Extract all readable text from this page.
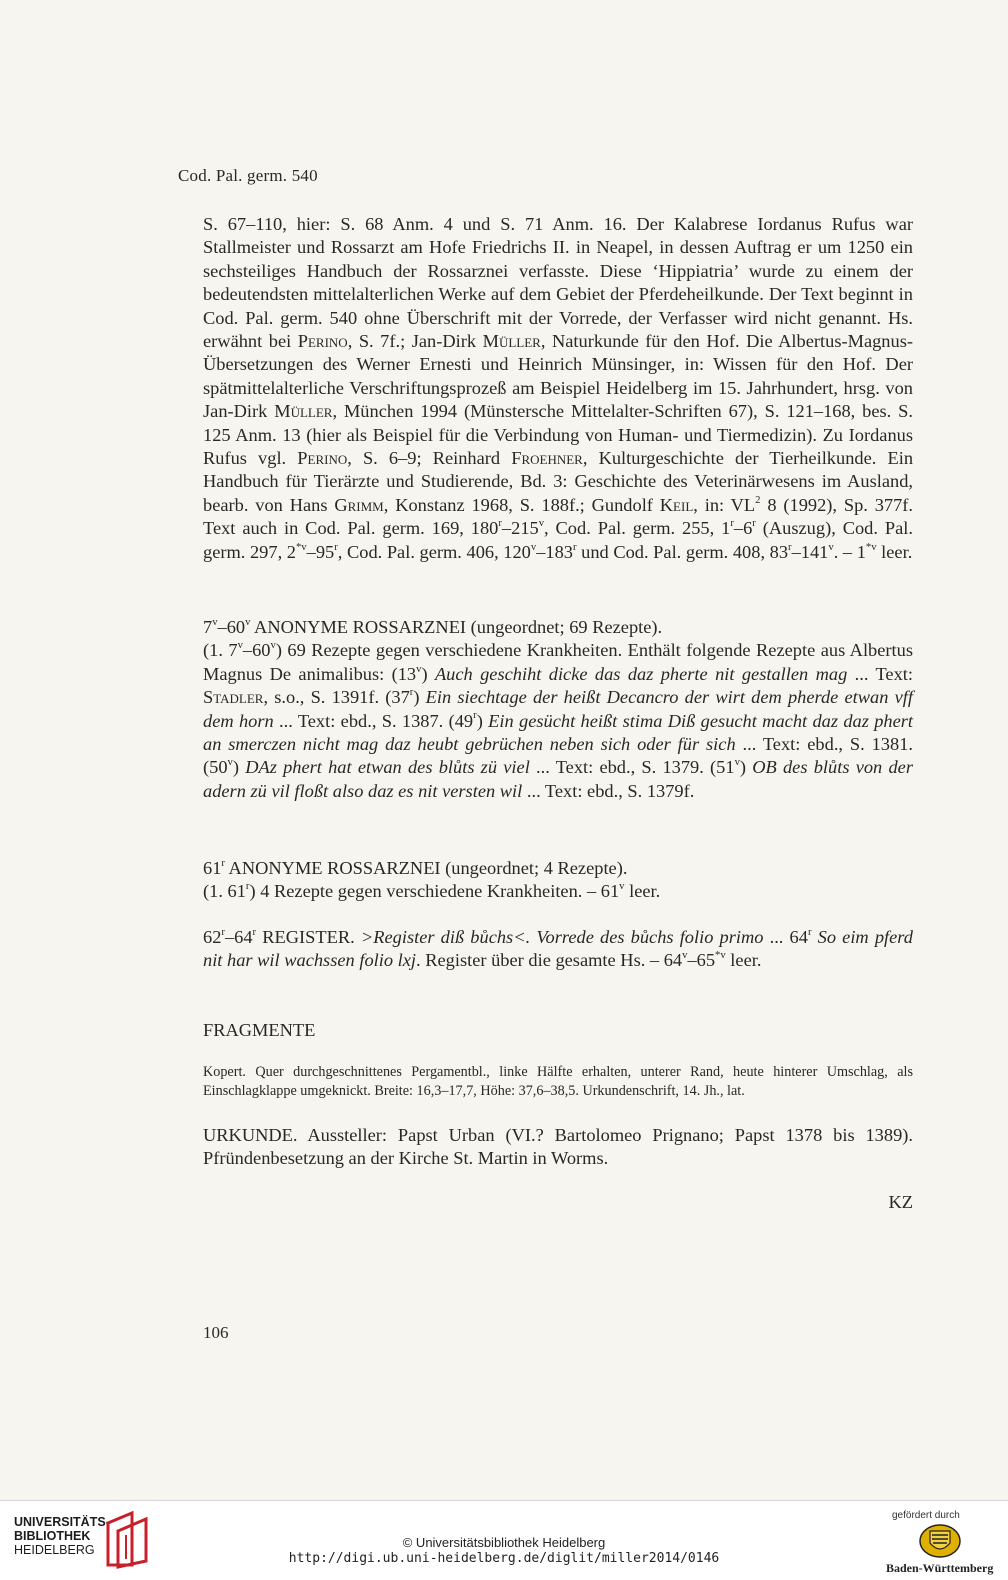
Cod. Pal. germ. 540

S. 67–110, hier: S. 68 Anm. 4 und S. 71 Anm. 16. Der Kalabrese Iordanus Rufus war Stallmeister und Rossarzt am Hofe Friedrichs II. in Neapel, in dessen Auftrag er um 1250 ein sechsteiliges Handbuch der Rossarznei verfasste. Diese ‘Hippiatria’ wurde zu einem der bedeutendsten mittelalterlichen Werke auf dem Gebiet der Pferdeheilkunde. Der Text beginnt in Cod. Pal. germ. 540 ohne Überschrift mit der Vorrede, der Verfasser wird nicht genannt. Hs. erwähnt bei Perino, S. 7f.; Jan-Dirk Müller, Naturkunde für den Hof. Die Albertus-Magnus-Übersetzungen des Werner Ernesti und Heinrich Münsinger, in: Wissen für den Hof. Der spätmittelalterliche Verschriftungsprozeß am Beispiel Heidelberg im 15. Jahrhundert, hrsg. von Jan-Dirk Müller, München 1994 (Münstersche Mittelalter-Schriften 67), S. 121–168, bes. S. 125 Anm. 13 (hier als Beispiel für die Verbindung von Human- und Tiermedizin). Zu Iordanus Rufus vgl. Perino, S. 6–9; Reinhard Froehner, Kulturgeschichte der Tierheilkunde. Ein Handbuch für Tierärzte und Studierende, Bd. 3: Geschichte des Veterinärwesens im Ausland, bearb. von Hans Grimm, Konstanz 1968, S. 188f.; Gundolf Keil, in: $VL^2$ 8 (1992), Sp. 377f. Text auch in Cod. Pal. germ. 169, 180$^r$–215$^v$, Cod. Pal. germ. 255, 1$^r$–6$^r$ (Auszug), Cod. Pal. germ. 297, 2$^{*v}$–95$^r$, Cod. Pal. germ. 406, 120$^v$–183$^r$ und Cod. Pal. germ. 408, 83$^r$–141$^v$. – 1$^{*v}$ leer.

7$^v$–60$^v$ ANONYME ROSSARZNEI (ungeordnet; 69 Rezepte).

(1. 7$^v$–60$^v$) 69 Rezepte gegen verschiedene Krankheiten. Enthält folgende Rezepte aus Albertus Magnus De animalibus: (13$^v$) Auch geschiht dicke das daz pherte nit gestallen mag ... Text: Stadler, s.o., S. 1391f. (37$^r$) Ein siechtage der heißt Decancro der wirt dem pherde etwan vff dem horn ... Text: ebd., S. 1387. (49$^r$) Ein gesücht heißt stima Diß gesucht macht daz daz phert an smerczen nicht mag daz heubt gebrüchen neben sich oder für sich ... Text: ebd., S. 1381. (50$^v$) DAz phert hat etwan des blůts zü viel ... Text: ebd., S. 1379. (51$^v$) OB des blůts von der adern zü vil floßt also daz es nit versten wil ... Text: ebd., S. 1379f.

61$^r$ ANONYME ROSSARZNEI (ungeordnet; 4 Rezepte).

(1. 61$^r$) 4 Rezepte gegen verschiedene Krankheiten. – 61$^v$ leer.

62$^r$–64$^r$ REGISTER. >Register diß bůchs<. Vorrede des bůchs folio primo ... 64$^r$ So eim pferd nit har wil wachssen folio lxj. Register über die gesamte Hs. – 64$^v$–65$^{*v}$ leer.

FRAGMENTE
Kopert. Quer durchgeschnittenes Pergamentbl., linke Hälfte erhalten, unterer Rand, heute hinterer Umschlag, als Einschlagklappe umgeknickt. Breite: 16,3–17,7, Höhe: 37,6–38,5. Urkundenschrift, 14. Jh., lat.
URKUNDE. Aussteller: Papst Urban (VI.? Bartolomeo Prignano; Papst 1378 bis 1389). Pfründenbesetzung an der Kirche St. Martin in Worms.
KZ
106
UNIVERSITÄTS-
BIBLIOTHEK
HEIDELBERG	© Universitätsbibliothek Heidelberg
http://digi.ub.uni-heidelberg.de/diglit/miller2014/0146
gefördert durch
Baden-Württemberg
